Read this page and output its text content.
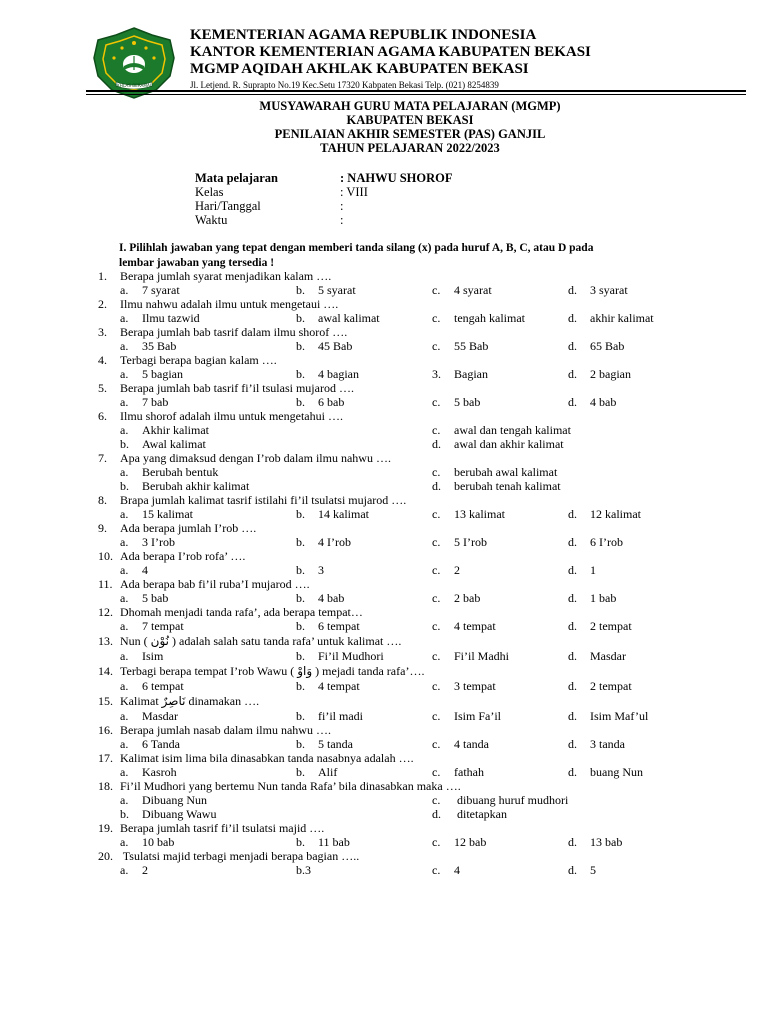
IKHLAS BERAMAL
KEMENTERIAN AGAMA REPUBLIK INDONESIA
KANTOR KEMENTERIAN AGAMA KABUPATEN BEKASI
MGMP AQIDAH AKHLAK KABUPATEN BEKASI
Jl. Letjend. R. Suprapto No.19 Kec.Setu 17320 Kabpaten Bekasi Telp. (021) 8254839
MUSYAWARAH GURU MATA PELAJARAN (MGMP)
KABUPATEN BEKASI
PENILAIAN AKHIR SEMESTER (PAS) GANJIL
TAHUN PELAJARAN 2022/2023
Mata pelajaran	: NAHWU SHOROF
Kelas	: VIII
Hari/Tanggal	:
Waktu	:
I. Pilihlah jawaban yang tepat dengan memberi tanda silang (x) pada huruf A, B, C, atau D pada
lembar jawaban yang tersedia !
1. Berapa jumlah syarat menjadikan kalam ….
a. 7 syarat	b. 5 syarat	c. 4 syarat	d. 3 syarat
2. Ilmu nahwu adalah ilmu untuk mengetaui ….
a. Ilmu tazwid	b. awal kalimat	c. tengah kalimat	d. akhir kalimat
3. Berapa jumlah bab tasrif dalam ilmu shorof ….
a. 35 Bab	b. 45 Bab	c. 55 Bab	d. 65 Bab
4. Terbagi berapa bagian kalam ….
a. 5 bagian	b. 4 bagian	3. Bagian	d. 2 bagian
5. Berapa jumlah bab tasrif fi’il tsulasi mujarod ….
a. 7 bab	b. 6 bab	c. 5 bab	d. 4 bab
6. Ilmu shorof adalah ilmu untuk mengetahui ….
a. Akhir kalimat	c. awal dan tengah kalimat
b. Awal kalimat	d. awal dan akhir kalimat
7. Apa yang dimaksud dengan I’rob dalam ilmu nahwu ….
a. Berubah bentuk	c. berubah awal kalimat
b. Berubah akhir kalimat	d. berubah tenah kalimat
8. Brapa jumlah kalimat tasrif istilahi fi’il tsulatsi mujarod ….
a. 15 kalimat	b. 14 kalimat	c. 13 kalimat	d. 12 kalimat
9. Ada berapa jumlah I’rob ….
a. 3 I’rob	b. 4 I’rob	c. 5 I’rob	d. 6 I’rob
10. Ada berapa I’rob rofa’ ….
a. 4	b. 3	c. 2	d. 1
11. Ada berapa bab fi’il ruba’I mujarod ….
a. 5 bab	b. 4 bab	c. 2 bab	d. 1 bab
12. Dhomah menjadi tanda rafa’, ada berapa tempat…
a. 7 tempat	b. 6 tempat	c. 4 tempat	d. 2 tempat
13. Nun ( نُوْن ) adalah salah satu tanda rafa’ untuk kalimat ….
a. Isim	b. Fi’il Mudhori	c. Fi’il Madhi	d. Masdar
14. Terbagi berapa tempat I’rob Wawu ( وَاوْ ) mejadi tanda rafa’….
a. 6 tempat	b. 4 tempat	c. 3 tempat	d. 2 tempat
15. Kalimat نَاصِرٌ dinamakan ….
a. Masdar	b. fi’il madi	c. Isim Fa’il	d. Isim Maf’ul
16. Berapa jumlah nasab dalam ilmu nahwu ….
a. 6 Tanda	b. 5 tanda	c. 4 tanda	d. 3 tanda
17. Kalimat isim lima bila dinasabkan tanda nasabnya adalah ….
a. Kasroh	b. Alif	c. fathah	d. buang Nun
18. Fi’il Mudhori yang bertemu Nun tanda Rafa’ bila dinasabkan maka ….
a. Dibuang Nun	c. dibuang huruf mudhori
b. Dibuang Wawu	d. ditetapkan
19. Berapa jumlah tasrif fi’il tsulatsi majid ….
a. 10 bab	b. 11 bab	c. 12 bab	d. 13 bab
20. Tsulatsi majid terbagi menjadi berapa bagian …..
a. 2	b.3	c. 4	d. 5
